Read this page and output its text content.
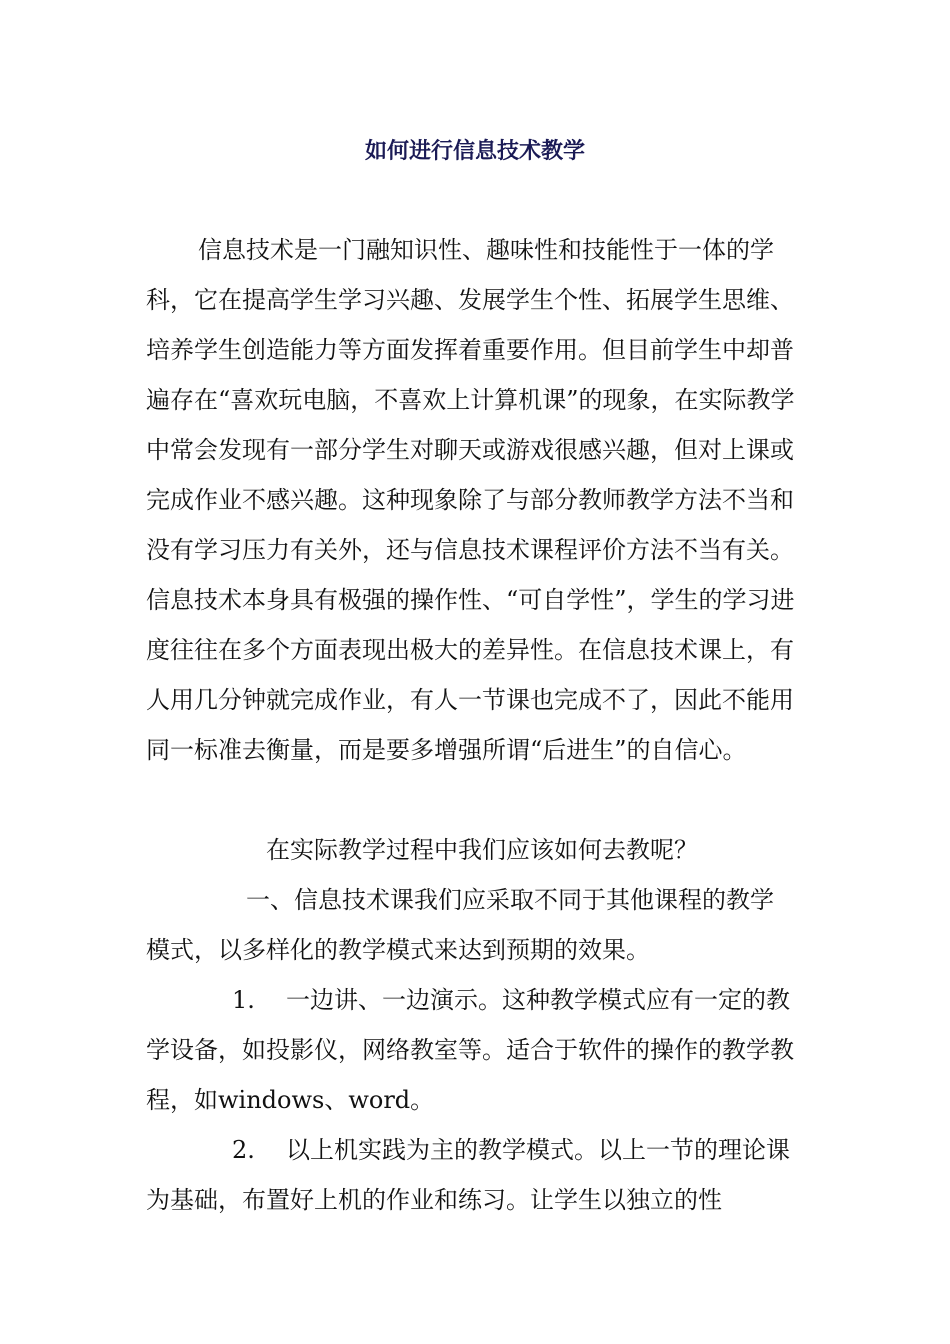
如何进行信息技术教学

信息技术是一门融知识性、趣味性和技能性于一体的学科，它在提高学生学习兴趣、发展学生个性、拓展学生思维、培养学生创造能力等方面发挥着重要作用。但目前学生中却普遍存在“喜欢玩电脑，不喜欢上计算机课”的现象，在实际教学中常会发现有一部分学生对聊天或游戏很感兴趣，但对上课或完成作业不感兴趣。这种现象除了与部分教师教学方法不当和没有学习压力有关外，还与信息技术课程评价方法不当有关。信息技术本身具有极强的操作性、“可自学性”，学生的学习进度往往在多个方面表现出极大的差异性。在信息技术课上，有人用几分钟就完成作业，有人一节课也完成不了，因此不能用同一标准去衡量，而是要多增强所谓“后进生”的自信心。

在实际教学过程中我们应该如何去教呢？

一、信息技术课我们应采取不同于其他课程的教学模式，以多样化的教学模式来达到预期的效果。

1. 一边讲、一边演示。这种教学模式应有一定的教学设备，如投影仪，网络教室等。适合于软件的操作的教学教程，如windows、word。

2. 以上机实践为主的教学模式。以上一节的理论课为基础，布置好上机的作业和练习。让学生以独立的性
